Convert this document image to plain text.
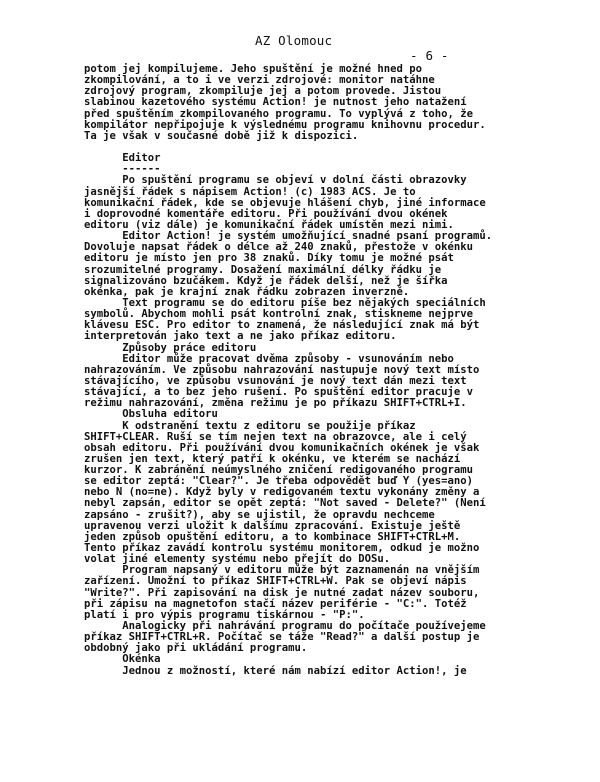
AZ Olomouc

- 6 -

potom jej kompilujeme. Jeho spuštění je možné hned po
zkompilování, a to i ve verzi zdrojové: monitor natáhne
zdrojový program, zkompiluje jej a potom provede. Jistou
slabinou kazetového systému Action! je nutnost jeho natažení
před spuštěním zkompilovaného programu. To vyplývá z toho, že
kompilátor nepřipojuje k výslednému programu knihovnu procedur.
Ta je však v současné době již k dispozici.
Editor
------
Po spuštění programu se objeví v dolní části obrazovky
jasnější řádek s nápisem Action! (c) 1983 ACS. Je to
komunikační řádek, kde se objevuje hlášení chyb, jiné informace
i doprovodné komentáře editoru. Při používání dvou okének
editoru (viz dále) je komunikační řádek umístěn mezi nimi.
Editor Action! je systém umožňující snadné psaní programů.
Dovoluje napsat řádek o délce až 240 znaků, přestože v okénku
editoru je místo jen pro 38 znaků. Díky tomu je možné psát
srozumitelné programy. Dosažení maximální délky řádku je
signalizováno bzučákem. Když je řádek delší, než je šířka
okénka, pak je krajní znak řádku zobrazen inverzně.
Text programu se do editoru píše bez nějakých speciálních
symbolů. Abychom mohli psát kontrolní znak, stiskneme nejprve
klávesu ESC. Pro editor to znamená, že následující znak má být
interpretován jako text a ne jako příkaz editoru.
Způsoby práce editoru
Editor může pracovat dvěma způsoby - vsunováním nebo
nahrazováním. Ve způsobu nahrazování nastupuje nový text místo
stávajícího, ve způsobu vsunování je nový text dán mezi text
stávající, a to bez jeho rušení. Po spuštění editor pracuje v
režimu nahrazování, změna režimu je po příkazu SHIFT+CTRL+I.
Obsluha editoru
K odstranění textu z editoru se použije příkaz
SHIFT+CLEAR. Ruší se tím nejen text na obrazovce, ale i celý
obsah editoru. Při používání dvou komunikačních okének je však
zrušen jen text, který patří k okénku, ve kterém se nachází
kurzor. K zabránění neúmyslného zničení redigovaného programu
se editor zeptá: "Clear?". Je třeba odpovědět buď Y (yes=ano)
nebo N (no=ne). Když byly v redigovaném textu vykonány změny a
nebyl zapsán, editor se opět zeptá: "Not saved - Delete?" (Není
zapsáno - zrušit?), aby se ujistil, že opravdu nechceme
upravenou verzi uložit k dalšímu zpracování. Existuje ještě
jeden způsob opuštění editoru, a to kombinace SHIFT+CTRL+M.
Tento příkaz zavádí kontrolu systému monitorem, odkud je možno
volat jiné elementy systému nebo přejít do DOSu.
Program napsaný v editoru může být zaznamenán na vnějším
zařízení. Umožní to příkaz SHIFT+CTRL+W. Pak se objeví nápis
"Write?". Při zapisování na disk je nutné zadat název souboru,
při zápisu na magnetofon stačí název periférie - "C:". Totéž
platí i pro výpis programu tiskárnou - "P:".
Analogicky při nahrávání programu do počítače používejeme
příkaz SHIFT+CTRL+R. Počítač se táže "Read?" a další postup je
obdobný jako při ukládání programu.
Okénka
Jednou z možností, které nám nabízí editor Action!, je
